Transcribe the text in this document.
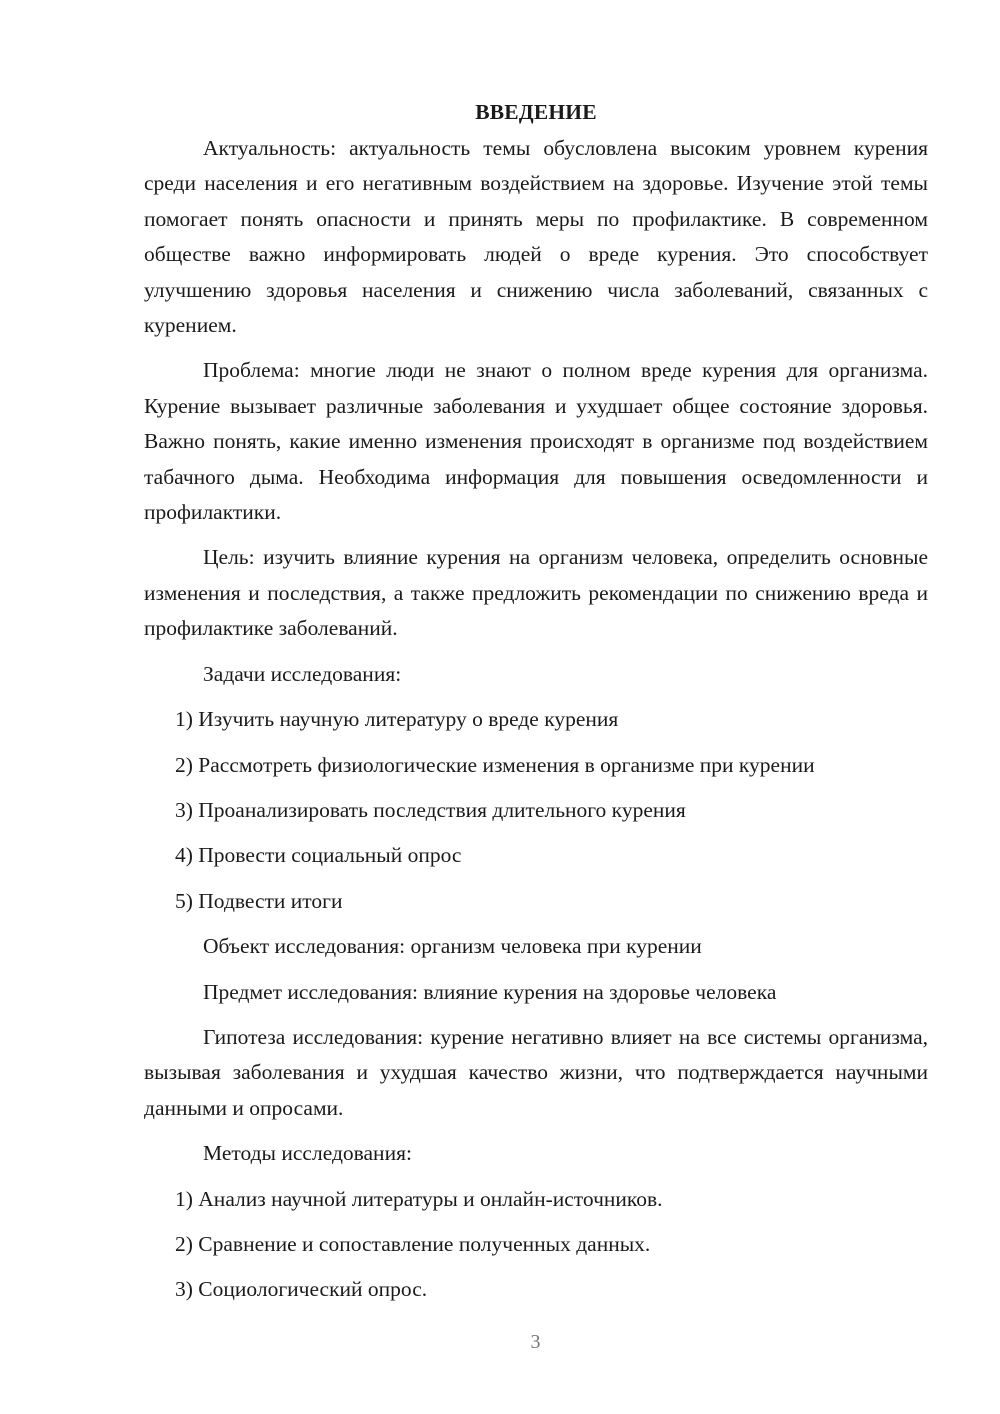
ВВЕДЕНИЕ

Актуальность: актуальность темы обусловлена высоким уровнем курения среди населения и его негативным воздействием на здоровье. Изучение этой темы помогает понять опасности и принять меры по профилактике. В современном обществе важно информировать людей о вреде курения. Это способствует улучшению здоровья населения и снижению числа заболеваний, связанных с курением.

Проблема: многие люди не знают о полном вреде курения для организма. Курение вызывает различные заболевания и ухудшает общее состояние здоровья. Важно понять, какие именно изменения происходят в организме под воздействием табачного дыма. Необходима информация для повышения осведомленности и профилактики.

Цель: изучить влияние курения на организм человека, определить основные изменения и последствия, а также предложить рекомендации по снижению вреда и профилактике заболеваний.

Задачи исследования:

1) Изучить научную литературу о вреде курения

2) Рассмотреть физиологические изменения в организме при курении

3) Проанализировать последствия длительного курения

4) Провести социальный опрос

5) Подвести итоги

Объект исследования: организм человека при курении

Предмет исследования: влияние курения на здоровье человека

Гипотеза исследования: курение негативно влияет на все системы организма, вызывая заболевания и ухудшая качество жизни, что подтверждается научными данными и опросами.

Методы исследования:

1) Анализ научной литературы и онлайн-источников.

2) Сравнение и сопоставление полученных данных.

3) Социологический опрос.

3
